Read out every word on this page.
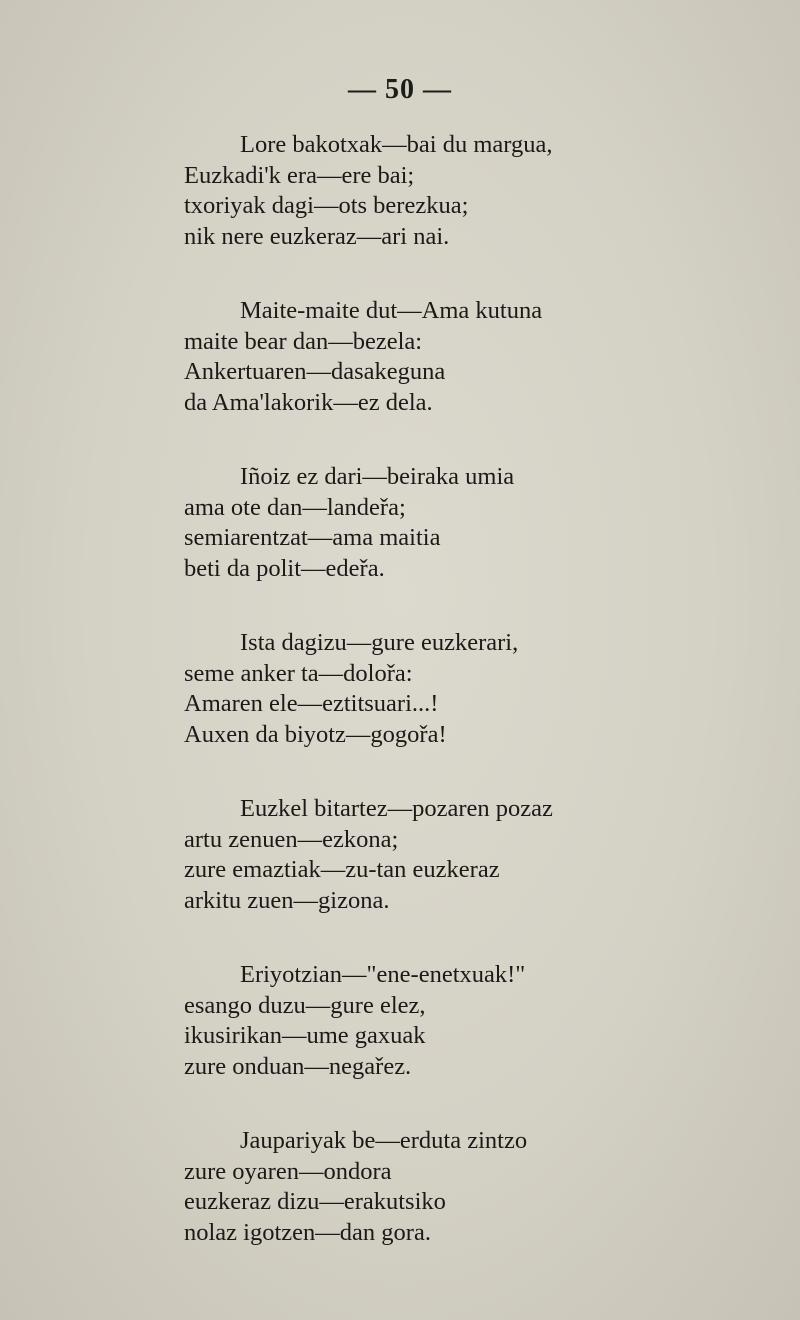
— 50 —
Lore bakotxak—bai du margua,
Euzkadi'k era—ere bai;
txoriyak dagi—ots berezkua;
nik nere euzkeraz—ari nai.
Maite-maite dut—Ama kutuna
maite bear dan—bezela:
Ankertuaren—dasakeguna
da Ama'lakorik—ez dela.
Iñoiz ez dari—beiraka umia
ama ote dan—landeřa;
semiarentzat—ama maitia
beti da polit—edeřa.
Ista dagizu—gure euzkerari,
seme anker ta—dolořa:
Amaren ele—eztitsuari...!
Auxen da biyotz—gogořa!
Euzkel bitartez—pozaren pozaz
artu zenuen—ezkona;
zure emaztiak—zu-tan euzkeraz
arkitu zuen—gizona.
Eriyotzian—"ene-enetxuak!"
esango duzu—gure elez,
ikusirikan—ume gaxuak
zure onduan—negařez.
Jaupariyak be—erduta zintzo
zure oyaren—ondora
euzkeraz dizu—erakutsiko
nolaz igotzen—dan gora.
